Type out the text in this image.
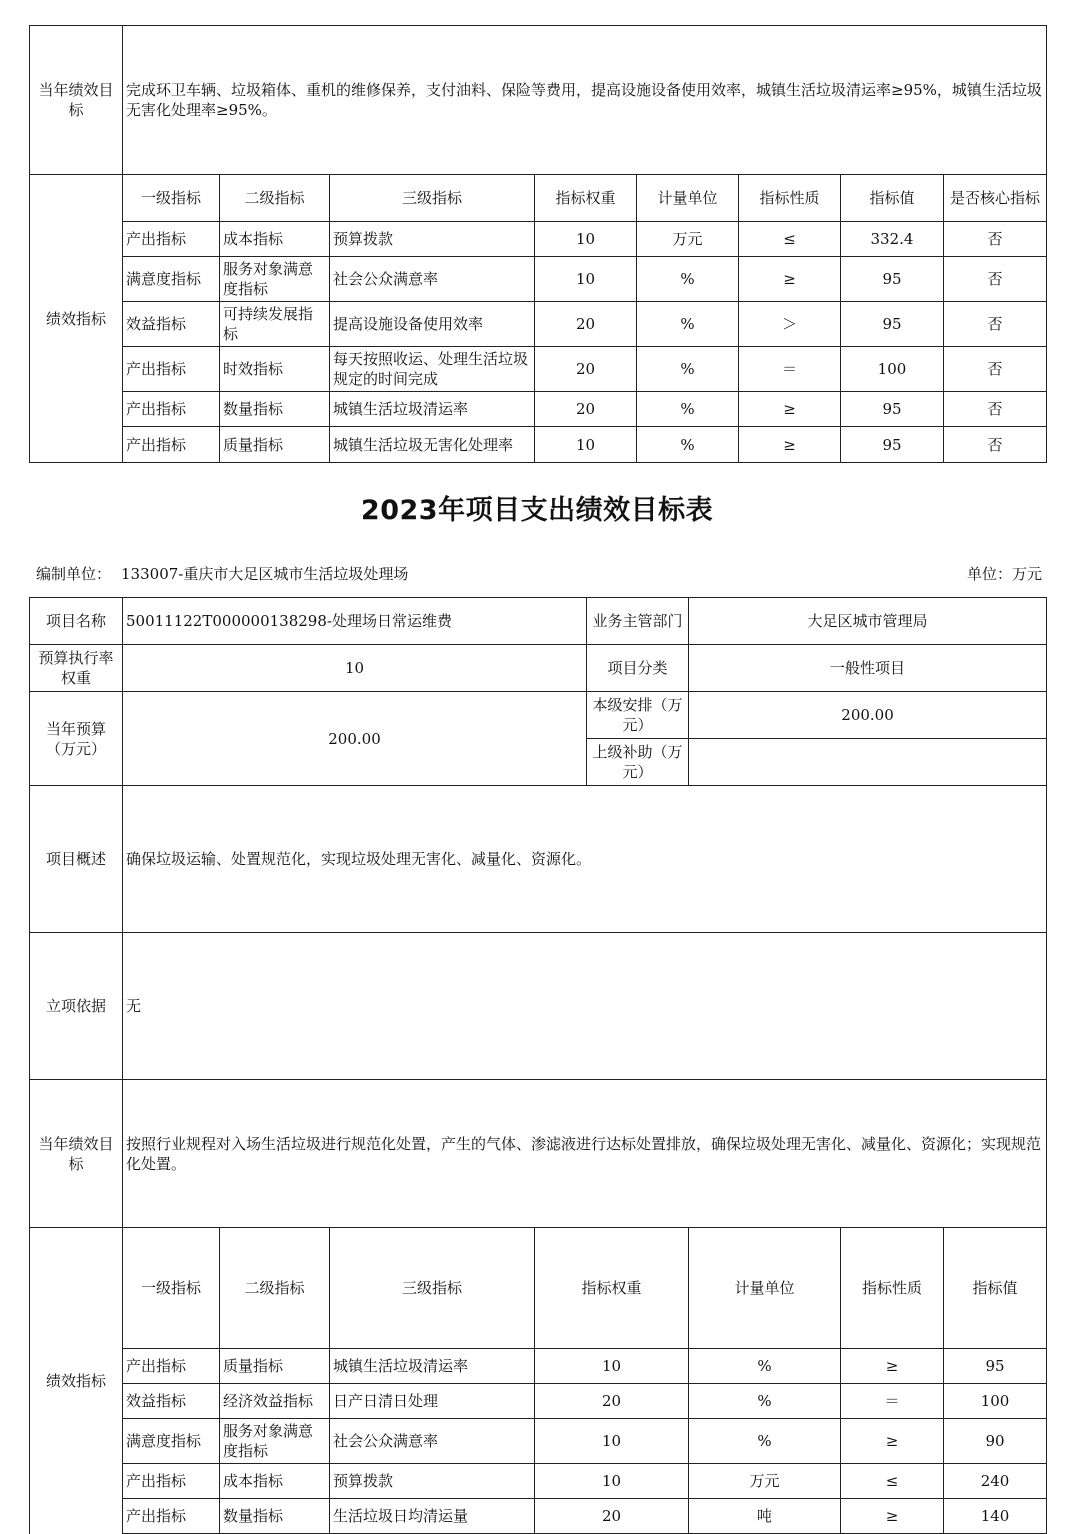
当年绩效目标	完成环卫车辆、垃圾箱体、重机的维修保养，支付油料、保险等费用，提高设施设备使用效率，城镇生活垃圾清运率≥95%，城镇生活垃圾无害化处理率≥95%。							
绩效指标	一级指标	二级指标	三级指标	指标权重	计量单位	指标性质	指标值	是否核心指标
	产出指标	成本指标	预算拨款	10	万元	≤	332.4	否
	满意度指标	服务对象满意度指标	社会公众满意率	10	%	≥	95	否
	效益指标	可持续发展指标	提高设施设备使用效率	20	%	＞	95	否
	产出指标	时效指标	每天按照收运、处理生活垃圾规定的时间完成	20	%	＝	100	否
	产出指标	数量指标	城镇生活垃圾清运率	20	%	≥	95	否
	产出指标	质量指标	城镇生活垃圾无害化处理率	10	%	≥	95	否
2023年项目支出绩效目标表
编制单位： 133007-重庆市大足区城市生活垃圾处理场	单位：万元
项目名称	50011122T000000138298-处理场日常运维费				业务主管部门	大足区城市管理局			
预算执行率权重	10				项目分类	一般性项目			
当年预算（万元）	200.00				本级安排（万元）	200.00			
					上级补助（万元）				
项目概述	确保垃圾运输、处置规范化，实现垃圾处理无害化、减量化、资源化。								
立项依据	无								
当年绩效目标	按照行业规程对入场生活垃圾进行规范化处置，产生的气体、渗滤液进行达标处置排放，确保垃圾处理无害化、减量化、资源化；实现规范化处置。								
绩效指标	一级指标	二级指标	三级指标	指标权重		计量单位	指标性质	指标值	
	产出指标	质量指标	城镇生活垃圾清运率	10		%	≥	95	
	效益指标	经济效益指标	日产日清日处理	20		%	＝	100	
	满意度指标	服务对象满意度指标	社会公众满意率	10		%	≥	90	
	产出指标	成本指标	预算拨款	10		万元	≤	240	
	产出指标	数量指标	生活垃圾日均清运量	20		吨	≥	140	
